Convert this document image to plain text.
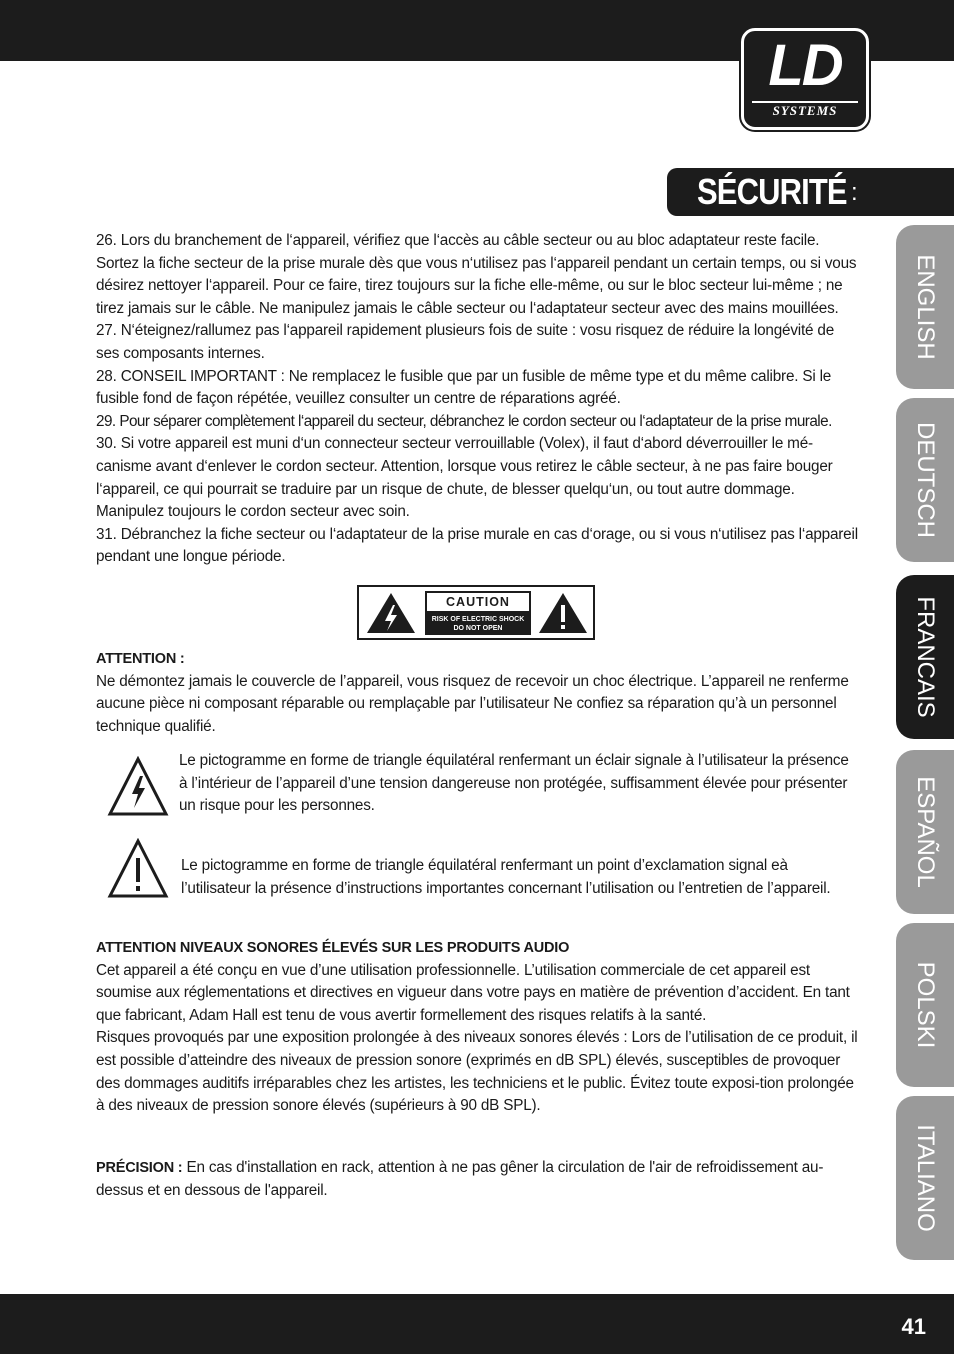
LD
SYSTEMS
SÉCURITÉ :
ENGLISH
DEUTSCH
FRANCAIS
ESPAÑOL
POLSKI
ITALIANO

26. Lors du branchement de l‘appareil, vérifiez que l‘accès au câble secteur ou au bloc adaptateur reste facile. Sortez la fiche secteur de la prise murale dès que vous n‘utilisez pas l‘appareil pendant un certain temps, ou si vous désirez nettoyer l‘appareil. Pour ce faire, tirez toujours sur la fiche elle-même, ou sur le bloc secteur lui-même ; ne tirez jamais sur le câble. Ne manipulez jamais le câble secteur ou l‘adaptateur secteur avec des mains mouillées.

27. N‘éteignez/rallumez pas l‘appareil rapidement plusieurs fois de suite : vosu risquez de réduire la longévité de ses composants internes.

28. CONSEIL IMPORTANT : Ne remplacez le fusible que par un fusible de même type et du même calibre. Si le fusible fond de façon répétée, veuillez consulter un centre de réparations agréé.

29. Pour séparer complètement l‘appareil du secteur, débranchez le cordon secteur ou l‘adaptateur de la prise murale.

30. Si votre appareil est muni d‘un connecteur secteur verrouillable (Volex), il faut d‘abord déverrouiller le mé-canisme avant d‘enlever le cordon secteur. Attention, lorsque vous retirez le câble secteur, à ne pas faire bouger l‘appareil, ce qui pourrait se traduire par un risque de chute, de blesser quelqu‘un, ou tout autre dommage. Manipulez toujours le cordon secteur avec soin.

31. Débranchez la fiche secteur ou l‘adaptateur de la prise murale en cas d‘orage, ou si vous n‘utilisez pas l‘appareil pendant une longue période.

CAUTION
RISK OF ELECTRIC SHOCK
DO NOT OPEN

ATTENTION :

Ne démontez jamais le couvercle de l’appareil, vous risquez de recevoir un choc électrique. L’appareil ne renferme aucune pièce ni composant réparable ou remplaçable par l’utilisateur Ne confiez sa réparation qu’à un personnel technique qualifié.

Le pictogramme en forme de triangle équilatéral renfermant un éclair signale à l’utilisateur la présence à l’intérieur de l’appareil d’une tension dangereuse non protégée, suffisamment élevée pour présenter un risque pour les personnes.
Le pictogramme en forme de triangle équilatéral renfermant un point d’exclamation signal eà l’utilisateur la présence d’instructions importantes concernant l’utilisation ou l’entretien de l’appareil.

ATTENTION NIVEAUX SONORES ÉLEVÉS SUR LES PRODUITS AUDIO

Cet appareil a été conçu en vue d’une utilisation professionnelle. L’utilisation commerciale de cet appareil est soumise aux réglementations et directives en vigueur dans votre pays en matière de prévention d’accident. En tant que fabricant, Adam Hall est tenu de vous avertir formellement des risques relatifs à la santé.

Risques provoqués par une exposition prolongée à des niveaux sonores élevés : Lors de l’utilisation de ce produit, il est possible d’atteindre des niveaux de pression sonore (exprimés en dB SPL) élevés, susceptibles de provoquer des dommages auditifs irréparables chez les artistes, les techniciens et le public. Évitez toute exposi-tion prolongée à des niveaux de pression sonore élevés (supérieurs à 90 dB SPL).

PRÉCISION : En cas d'installation en rack, attention à ne pas gêner la circulation de l'air de refroidissement au-dessus et en dessous de l'appareil.

41
